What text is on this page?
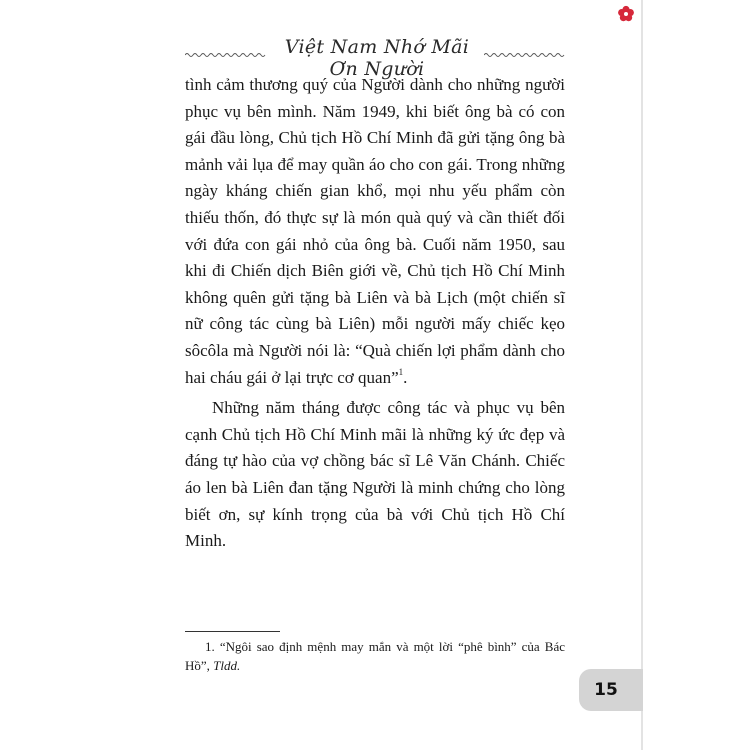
Việt Nam Nhớ Mãi Ơn Người

tình cảm thương quý của Người dành cho những người phục vụ bên mình. Năm 1949, khi biết ông bà có con gái đầu lòng, Chủ tịch Hồ Chí Minh đã gửi tặng ông bà mảnh vải lụa để may quần áo cho con gái. Trong những ngày kháng chiến gian khổ, mọi nhu yếu phẩm còn thiếu thốn, đó thực sự là món quà quý và cần thiết đối với đứa con gái nhỏ của ông bà. Cuối năm 1950, sau khi đi Chiến dịch Biên giới về, Chủ tịch Hồ Chí Minh không quên gửi tặng bà Liên và bà Lịch (một chiến sĩ nữ công tác cùng bà Liên) mỗi người mấy chiếc kẹo sôcôla mà Người nói là: “Quà chiến lợi phẩm dành cho hai cháu gái ở lại trực cơ quan”$^1$.

Những năm tháng được công tác và phục vụ bên cạnh Chủ tịch Hồ Chí Minh mãi là những ký ức đẹp và đáng tự hào của vợ chồng bác sĩ Lê Văn Chánh. Chiếc áo len bà Liên đan tặng Người là minh chứng cho lòng biết ơn, sự kính trọng của bà với Chủ tịch Hồ Chí Minh.

1. “Ngôi sao định mệnh may mắn và một lời “phê bình” của Bác Hồ”, Tldd.
15
